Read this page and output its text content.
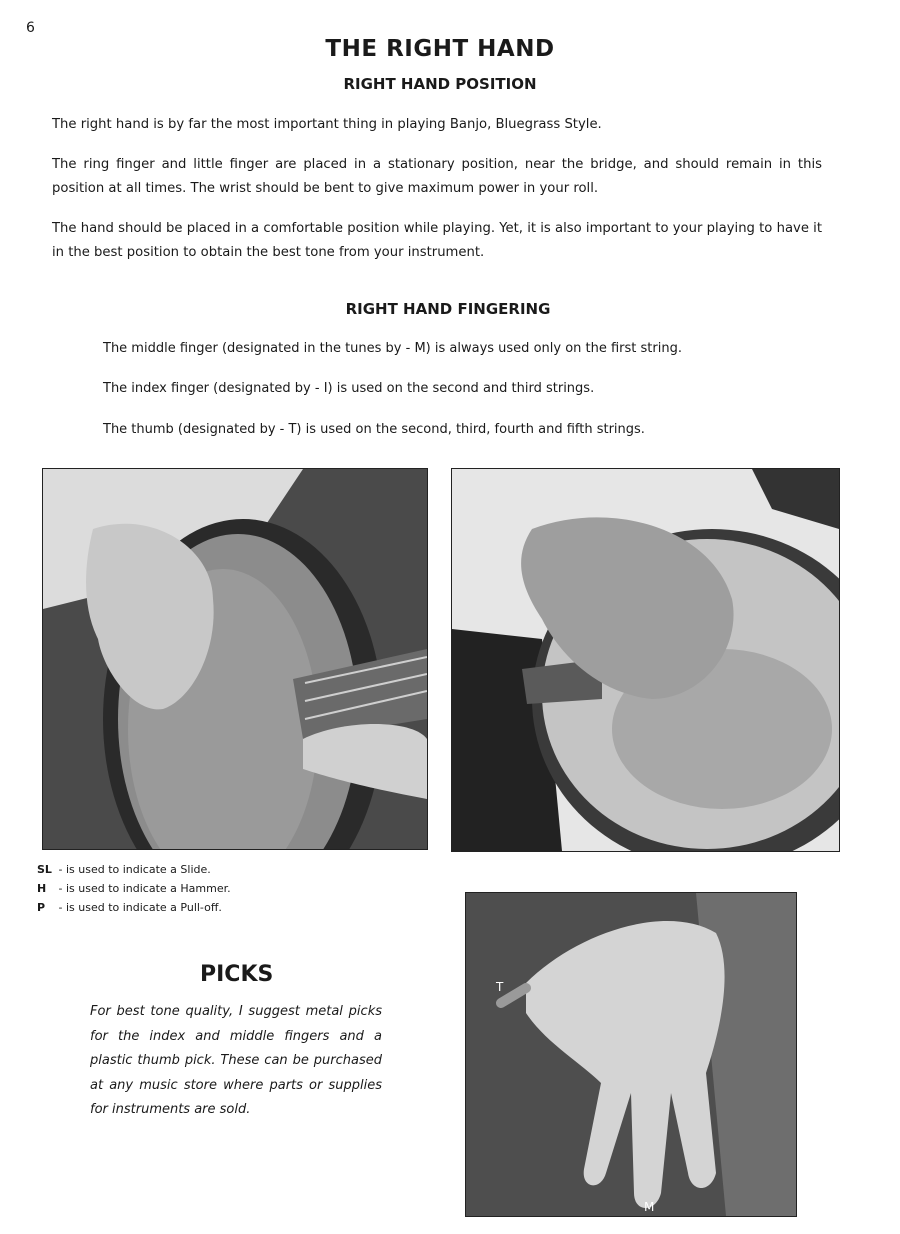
6
THE RIGHT HAND
RIGHT HAND POSITION
The right hand is by far the most important thing in playing Banjo, Bluegrass Style.
The ring finger and little finger are placed in a stationary position, near the bridge, and should remain in this position at all times. The wrist should be bent to give maximum power in your roll.
The hand should be placed in a comfortable position while playing. Yet, it is also important to your playing to have it in the best position to obtain the best tone from your instrument.
RIGHT HAND FINGERING
The middle finger (designated in the tunes by - M) is always used only on the first string.
The index finger (designated by - I) is used on the second and third strings.
The thumb (designated by - T) is used on the second, third, fourth and fifth strings.
SL - is used to indicate a Slide.
H - is used to indicate a Hammer.
P - is used to indicate a Pull-off.
PICKS
For best tone quality, I suggest metal picks for the index and middle fingers and a plastic thumb pick. These can be purchased at any music store where parts or supplies for instruments are sold.
T
M
